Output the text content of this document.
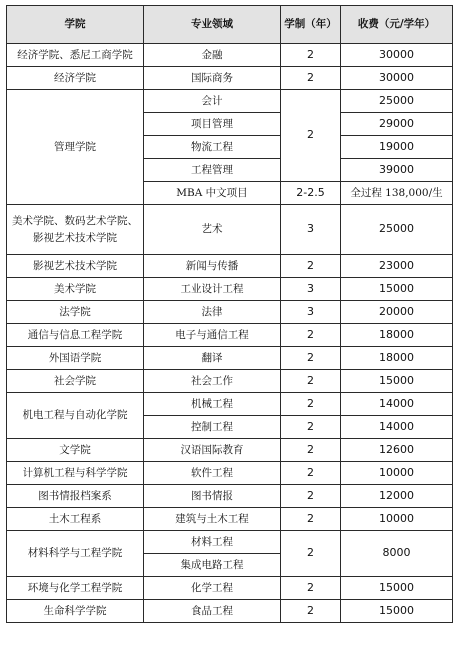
学院	专业领域	学制（年）	收费（元/学年）
经济学院、悉尼工商学院	金融	2	30000
经济学院	国际商务	2	30000
管理学院	会计	2	25000
	项目管理		29000
	物流工程		19000
	工程管理		39000
	MBA 中文项目	2-2.5	全过程 138,000/生

美术学院、数码艺术学院、
影视艺术技术学院	艺术	3	25000
影视艺术技术学院	新闻与传播	2	23000
美术学院	工业设计工程	3	15000
法学院	法律	3	20000
通信与信息工程学院	电子与通信工程	2	18000
外国语学院	翻译	2	18000
社会学院	社会工作	2	15000
机电工程与自动化学院	机械工程	2	14000
	控制工程	2	14000
文学院	汉语国际教育	2	12600
计算机工程与科学学院	软件工程	2	10000
图书情报档案系	图书情报	2	12000
土木工程系	建筑与土木工程	2	10000
材料科学与工程学院	材料工程	2	8000
	集成电路工程		
环境与化学工程学院	化学工程	2	15000
生命科学学院	食品工程	2	15000
